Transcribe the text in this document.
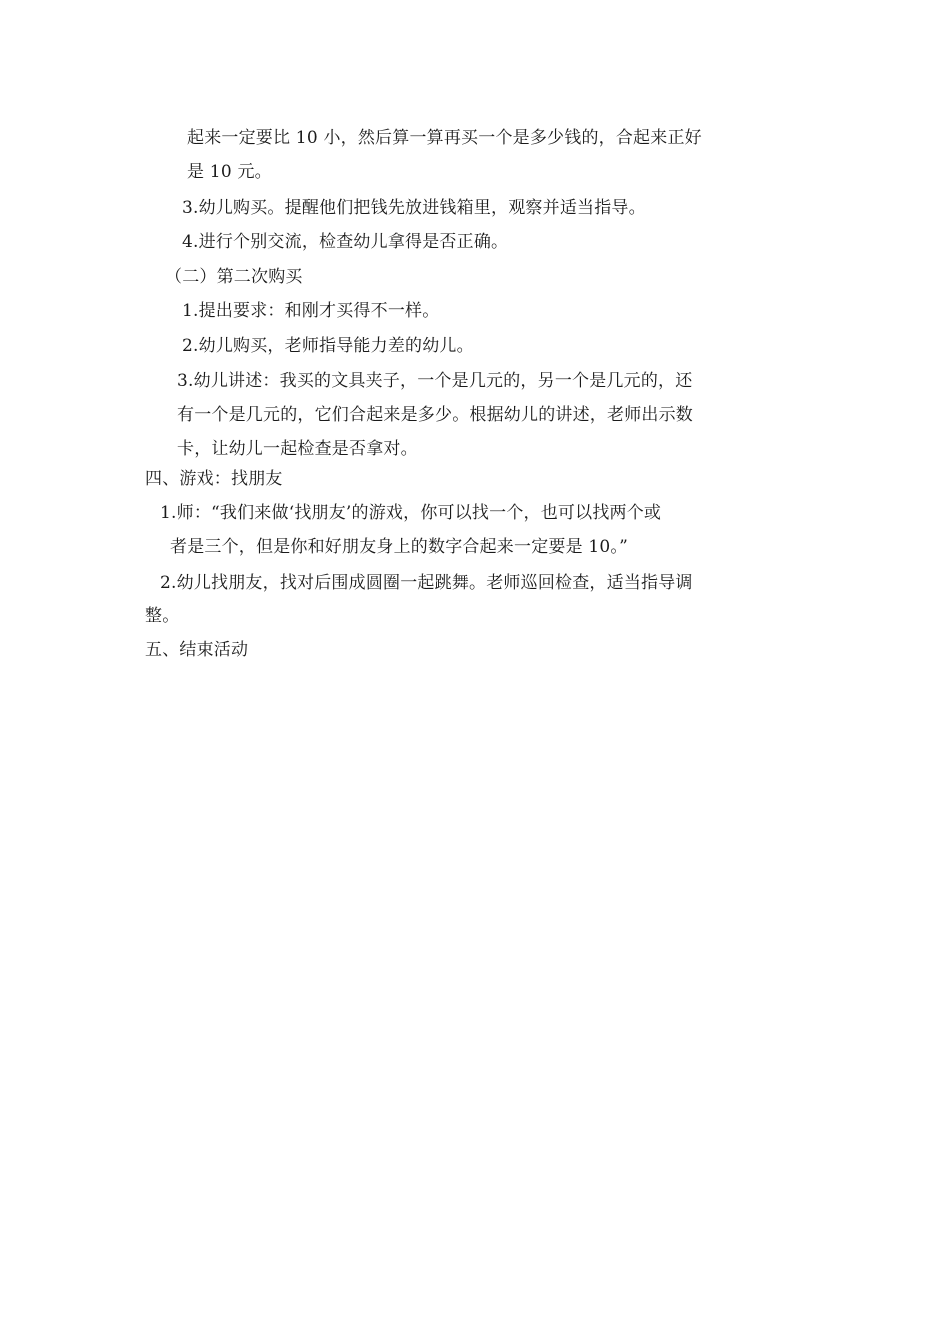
起来一定要比 10 小，然后算一算再买一个是多少钱的，合起来正好
是 10 元。
3.幼儿购买。提醒他们把钱先放进钱箱里，观察并适当指导。
4.进行个别交流，检查幼儿拿得是否正确。
（二）第二次购买
1.提出要求：和刚才买得不一样。
2.幼儿购买，老师指导能力差的幼儿。
3.幼儿讲述：我买的文具夹子，一个是几元的，另一个是几元的，还
有一个是几元的，它们合起来是多少。根据幼儿的讲述，老师出示数
卡，让幼儿一起检查是否拿对。
四、游戏：找朋友
1.师：“我们来做‘找朋友’的游戏，你可以找一个，也可以找两个或
者是三个，但是你和好朋友身上的数字合起来一定要是 10。”
2.幼儿找朋友，找对后围成圆圈一起跳舞。老师巡回检查，适当指导调
整。
五、结束活动
